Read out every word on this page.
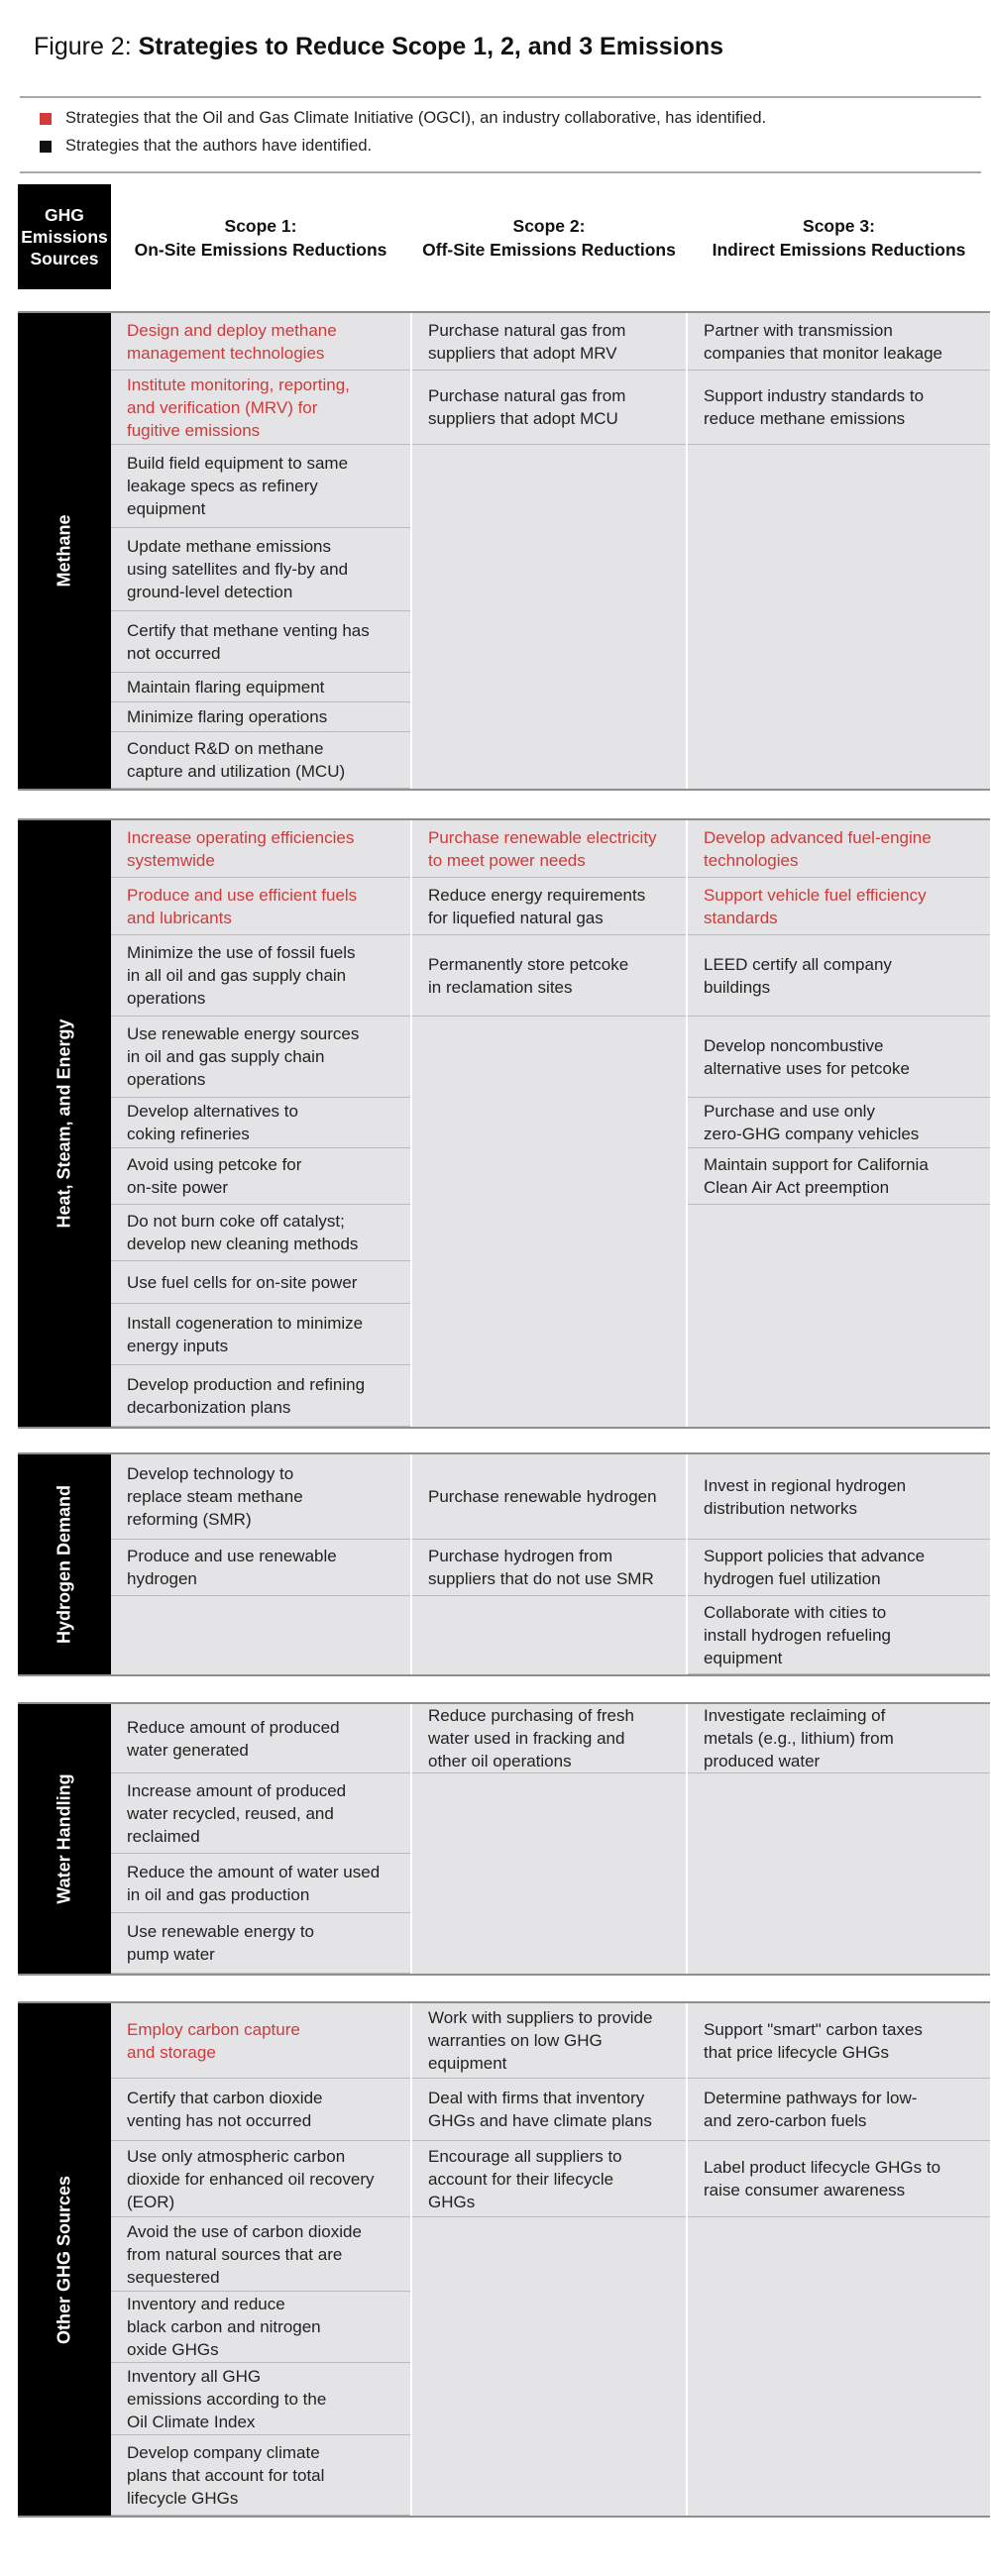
Figure 2: Strategies to Reduce Scope 1, 2, and 3 Emissions
Strategies that the Oil and Gas Climate Initiative (OGCI), an industry collaborative, has identified.
Strategies that the authors have identified.
GHG
Emissions
Sources
Scope 1:
On-Site Emissions Reductions
Scope 2:
Off-Site Emissions Reductions
Scope 3:
Indirect Emissions Reductions
Methane
Design and deploy methane
management technologies
Institute monitoring, reporting,
and verification (MRV) for
fugitive emissions
Build field equipment to same
leakage specs as refinery
equipment
Update methane emissions
using satellites and fly-by and
ground-level detection
Certify that methane venting has
not occurred
Maintain flaring equipment
Minimize flaring operations
Conduct R&D on methane
capture and utilization (MCU)
Purchase natural gas from
suppliers that adopt MRV
Purchase natural gas from
suppliers that adopt MCU
Partner with transmission
companies that monitor leakage
Support industry standards to
reduce methane emissions
Heat, Steam, and Energy
Increase operating efficiencies
systemwide
Produce and use efficient fuels
and lubricants
Minimize the use of fossil fuels
in all oil and gas supply chain
operations
Use renewable energy sources
in oil and gas supply chain
operations
Develop alternatives to
coking refineries
Avoid using petcoke for
on-site power
Do not burn coke off catalyst;
develop new cleaning methods
Use fuel cells for on-site power
Install cogeneration to minimize
energy inputs
Develop production and refining
decarbonization plans
Purchase renewable electricity
to meet power needs
Reduce energy requirements
for liquefied natural gas
Permanently store petcoke
in reclamation sites
Develop advanced fuel-engine
technologies
Support vehicle fuel efficiency
standards
LEED certify all company
buildings
Develop noncombustive
alternative uses for petcoke
Purchase and use only
zero-GHG company vehicles
Maintain support for California
Clean Air Act preemption
Hydrogen Demand
Develop technology to
replace steam methane
reforming (SMR)
Produce and use renewable
hydrogen
Purchase renewable hydrogen
Purchase hydrogen from
suppliers that do not use SMR
Invest in regional hydrogen
distribution networks
Support policies that advance
hydrogen fuel utilization
Collaborate with cities to
install hydrogen refueling
equipment
Water Handling
Reduce amount of produced
water generated
Increase amount of produced
water recycled, reused, and
reclaimed
Reduce the amount of water used
in oil and gas production
Use renewable energy to
pump water
Reduce purchasing of fresh
water used in fracking and
other oil operations
Investigate reclaiming of
metals (e.g., lithium) from
produced water
Other GHG Sources
Employ carbon capture
and storage
Certify that carbon dioxide
venting has not occurred
Use only atmospheric carbon
dioxide for enhanced oil recovery
(EOR)
Avoid the use of carbon dioxide
from natural sources that are
sequestered
Inventory and reduce
black carbon and nitrogen
oxide GHGs
Inventory all GHG
emissions according to the
Oil Climate Index
Develop company climate
plans that account for total
lifecycle GHGs
Work with suppliers to provide
warranties on low GHG
equipment
Deal with firms that inventory
GHGs and have climate plans
Encourage all suppliers to
account for their lifecycle
GHGs
Support "smart" carbon taxes
that price lifecycle GHGs
Determine pathways for low-
and zero-carbon fuels
Label product lifecycle GHGs to
raise consumer awareness
